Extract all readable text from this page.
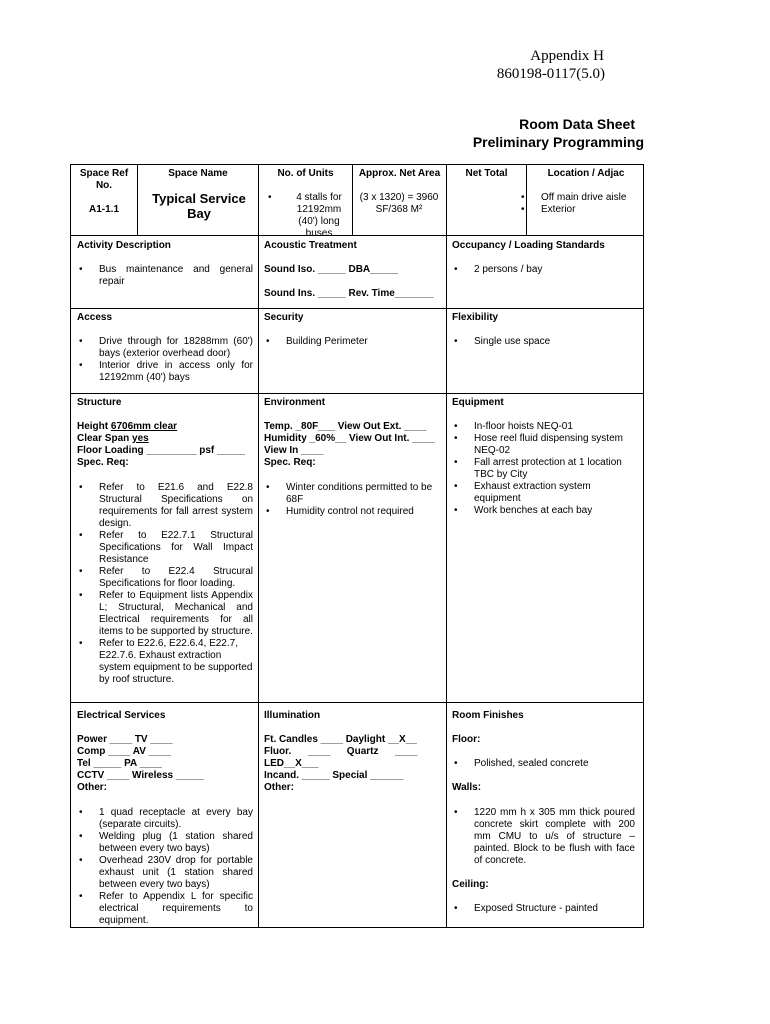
Appendix H
860198-0117(5.0)
Room Data Sheet
Preliminary Programming
Space Ref No.
A1-1.1
Space Name
Typical Service Bay
No. of Units
• 4 stalls for 12192mm (40') long buses
Approx. Net Area
(3 x 1320) = 3960 SF/368 M²
Net Total	Location / Adjac
• Off main drive aisle
• Exterior
Activity Description
• Bus maintenance and general repair
Acoustic Treatment
Sound Iso. _____ DBA_____
Sound Ins. _____ Rev. Time_______
Occupancy / Loading Standards
• 2 persons / bay
Access
• Drive through for 18288mm (60') bays (exterior overhead door)
• Interior drive in access only for 12192mm (40') bays
Security
• Building Perimeter
Flexibility
• Single use space
Structure
Height 6706mm clear
Clear Span yes
Floor Loading _________ psf _____
Spec. Req:
• Refer to E21.6 and E22.8 Structural Specifications on requirements for fall arrest system design.
• Refer to E22.7.1 Structural Specifications for Wall Impact Resistance
• Refer to E22.4 Strucural Specifications for floor loading.
• Refer to Equipment lists Appendix L; Structural, Mechanical and Electrical requirements for all items to be supported by structure.
• Refer to E22.6, E22.6.4, E22.7, E22.7.6. Exhaust extraction system equipment to be supported by roof structure.
Environment
Temp. _80F___ View Out Ext. ____
Humidity _60%__ View Out Int. ____
View In ____
Spec. Req:
• Winter conditions permitted to be 68F
• Humidity control not required
Equipment
• In-floor hoists NEQ-01
• Hose reel fluid dispensing system NEQ-02
• Fall arrest protection at 1 location TBC by City
• Exhaust extraction system equipment
• Work benches at each bay
Electrical Services
Power ____ TV ____
Comp ____ AV ____
Tel _____ PA ____
CCTV ____ Wireless _____
Other:
• 1 quad receptacle at every bay (separate circuits).
• Welding plug (1 station shared between every two bays)
• Overhead 230V drop for portable exhaust unit (1 station shared between every two bays)
• Refer to Appendix L for specific electrical requirements to equipment.
Illumination
Ft. Candles ____ Daylight __X__
Fluor.      ____      Quartz      ____
LED__X___
Incand. _____ Special ______
Other:
Room Finishes
Floor:
• Polished, sealed concrete
Walls:
• 1220 mm h x 305 mm thick poured concrete skirt complete with 200 mm CMU to u/s of structure – painted. Block to be flush with face of concrete.
Ceiling:
• Exposed Structure - painted
